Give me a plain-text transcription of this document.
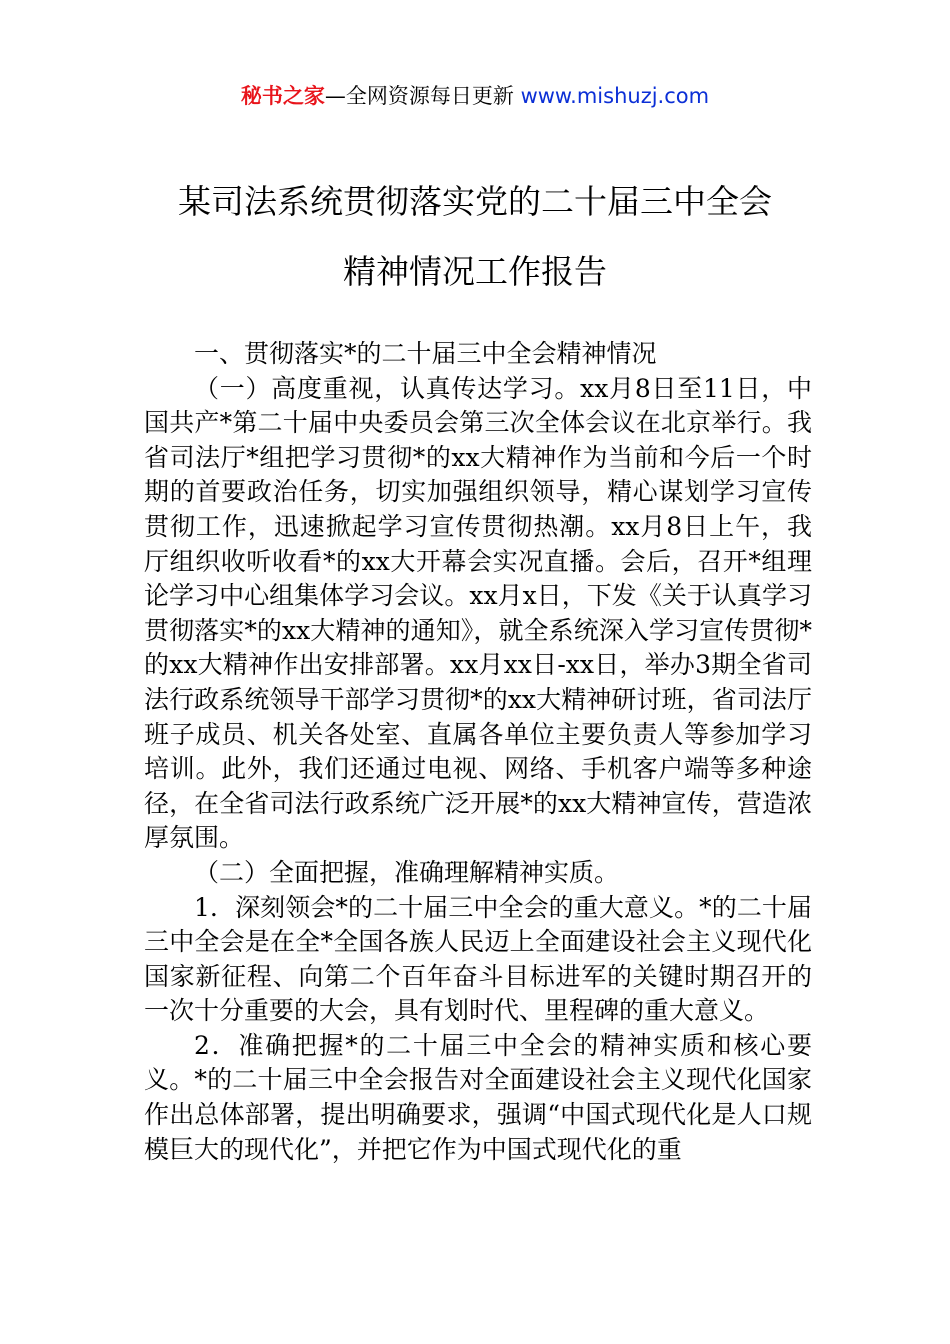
秘书之家—全网资源每日更新 www.mishuzj.com
某司法系统贯彻落实党的二十届三中全会
精神情况工作报告

一、贯彻落实*的二十届三中全会精神情况

（一）高度重视，认真传达学习。xx月8日至11日，中国共产*第二十届中央委员会第三次全体会议在北京举行。我省司法厅*组把学习贯彻*的xx大精神作为当前和今后一个时期的首要政治任务，切实加强组织领导，精心谋划学习宣传贯彻工作，迅速掀起学习宣传贯彻热潮。xx月8日上午，我厅组织收听收看*的xx大开幕会实况直播。会后，召开*组理论学习中心组集体学习会议。xx月x日，下发《关于认真学习贯彻落实*的xx大精神的通知》，就全系统深入学习宣传贯彻*的xx大精神作出安排部署。xx月xx日-xx日，举办3期全省司法行政系统领导干部学习贯彻*的xx大精神研讨班，省司法厅班子成员、机关各处室、直属各单位主要负责人等参加学习培训。此外，我们还通过电视、网络、手机客户端等多种途径，在全省司法行政系统广泛开展*的xx大精神宣传，营造浓厚氛围。

（二）全面把握，准确理解精神实质。

1．深刻领会*的二十届三中全会的重大意义。*的二十届三中全会是在全*全国各族人民迈上全面建设社会主义现代化国家新征程、向第二个百年奋斗目标进军的关键时期召开的一次十分重要的大会，具有划时代、里程碑的重大意义。

2．准确把握*的二十届三中全会的精神实质和核心要义。*的二十届三中全会报告对全面建设社会主义现代化国家作出总体部署，提出明确要求，强调“中国式现代化是人口规模巨大的现代化”，并把它作为中国式现代化的重
